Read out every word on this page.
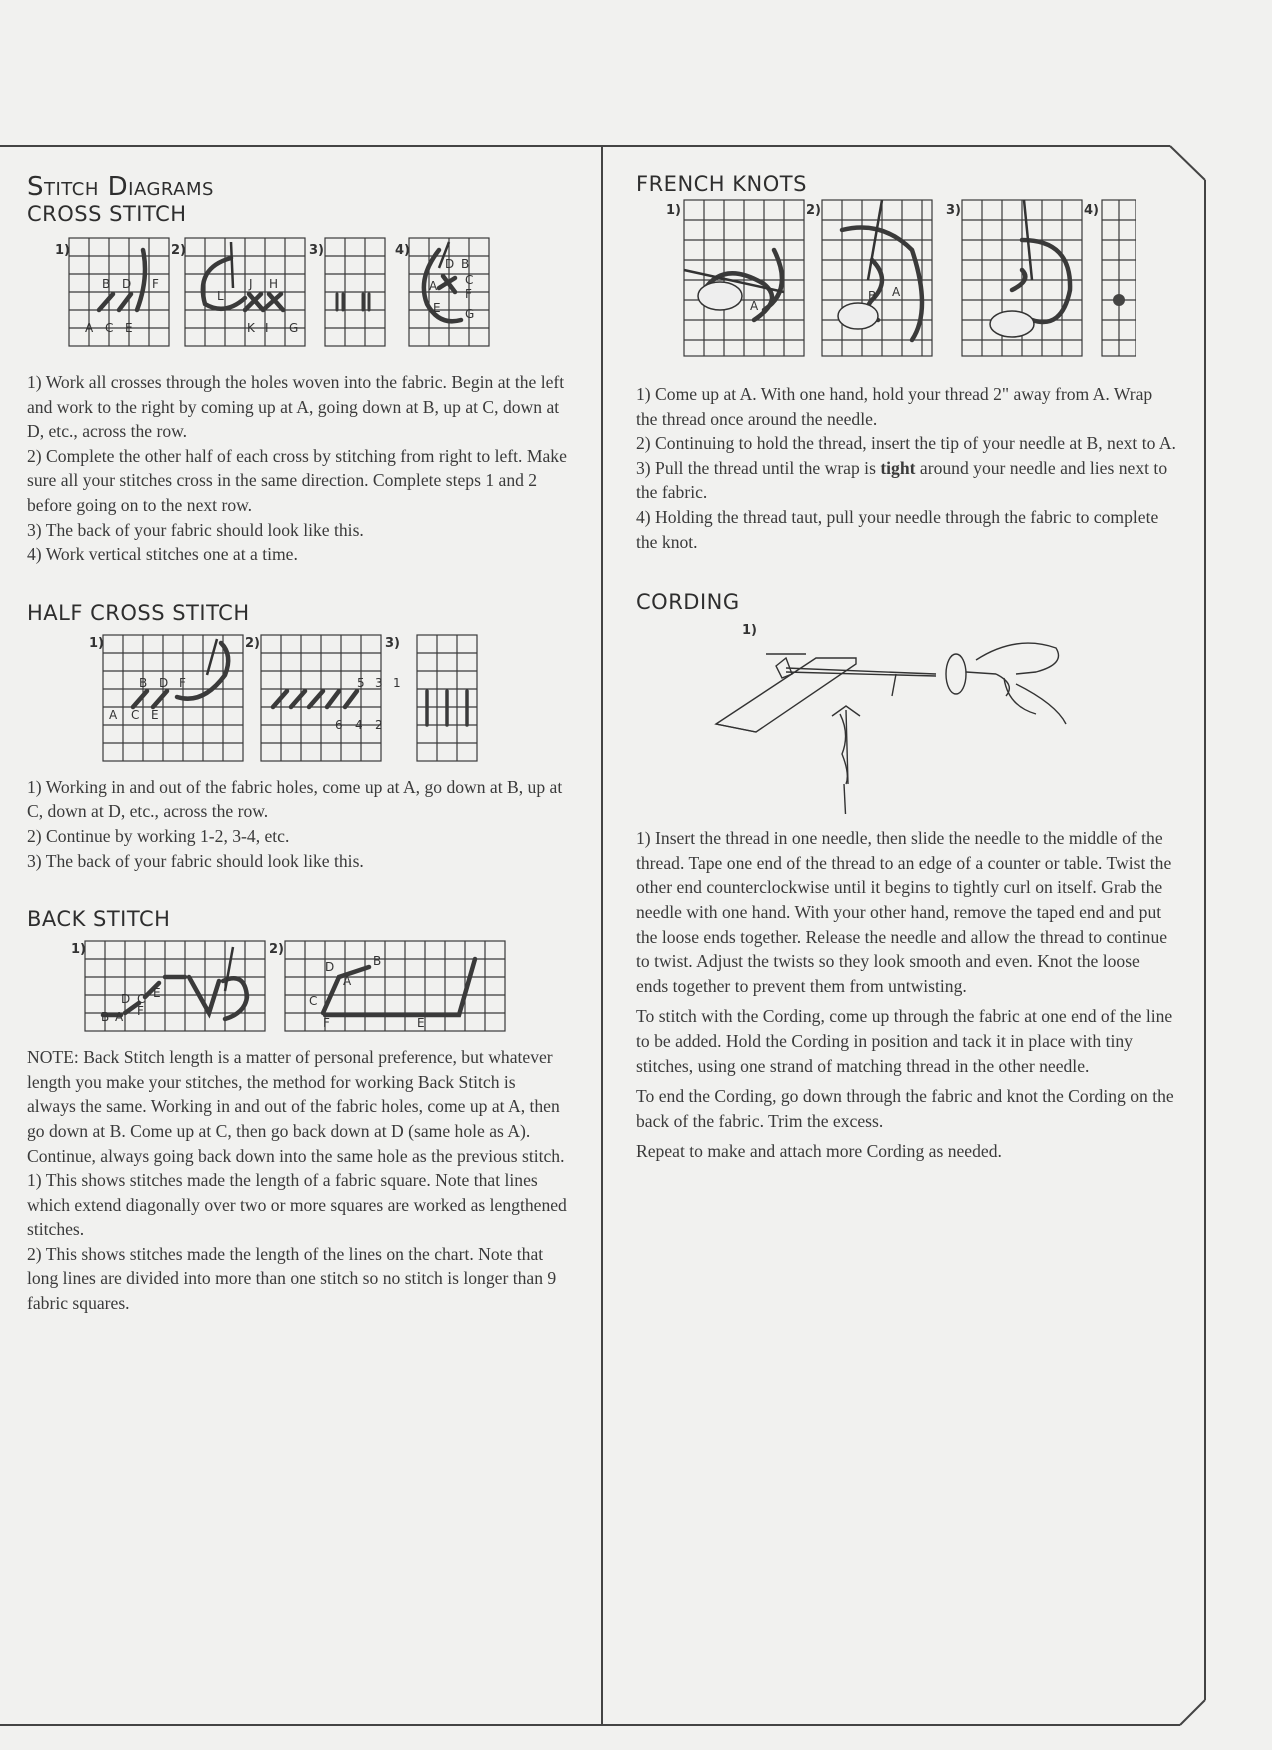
Stitch Diagrams
CROSS STITCH
1)
B D F
A C E
2)
L
J H
K I G
3)	4)
D B
A C
F
E G

1) Work all crosses through the holes woven into the fabric. Begin at the left and work to the right by coming up at A, going down at B, up at C, down at D, etc., across the row.

2) Complete the other half of each cross by stitching from right to left. Make sure all your stitches cross in the same direction. Complete steps 1 and 2 before going on to the next row.

3) The back of your fabric should look like this.

4) Work vertical stitches one at a time.

HALF CROSS STITCH
1)
B D F
A C E
2)
5 3 1
6 4 2
3)

1) Working in and out of the fabric holes, come up at A, go down at B, up at C, down at D, etc., across the row.

2) Continue by working 1-2, 3-4, etc.

3) The back of your fabric should look like this.

BACK STITCH
1)
D C E
B A F
2)
D
A
B
C
F	E

NOTE: Back Stitch length is a matter of personal preference, but whatever length you make your stitches, the method for working Back Stitch is always the same. Working in and out of the fabric holes, come up at A, then go down at B. Come up at C, then go back down at D (same hole as A). Continue, always going back down into the same hole as the previous stitch.

1) This shows stitches made the length of a fabric square. Note that lines which extend diagonally over two or more squares are worked as lengthened stitches.

2) This shows stitches made the length of the lines on the chart. Note that long lines are divided into more than one stitch so no stitch is longer than 9 fabric squares.

FRENCH KNOTS
1)
A
2)
B A
3)	4)

1) Come up at A. With one hand, hold your thread 2" away from A. Wrap the thread once around the needle.

2) Continuing to hold the thread, insert the tip of your needle at B, next to A.

3) Pull the thread until the wrap is tight around your needle and lies next to the fabric.

4) Holding the thread taut, pull your needle through the fabric to complete the knot.

CORDING
1)

1) Insert the thread in one needle, then slide the needle to the middle of the thread. Tape one end of the thread to an edge of a counter or table. Twist the other end counterclockwise until it begins to tightly curl on itself. Grab the needle with one hand. With your other hand, remove the taped end and put the loose ends together. Release the needle and allow the thread to continue to twist. Adjust the twists so they look smooth and even. Knot the loose ends together to prevent them from untwisting.

To stitch with the Cording, come up through the fabric at one end of the line to be added. Hold the Cording in position and tack it in place with tiny stitches, using one strand of matching thread in the other needle.

To end the Cording, go down through the fabric and knot the Cording on the back of the fabric. Trim the excess.

Repeat to make and attach more Cording as needed.
